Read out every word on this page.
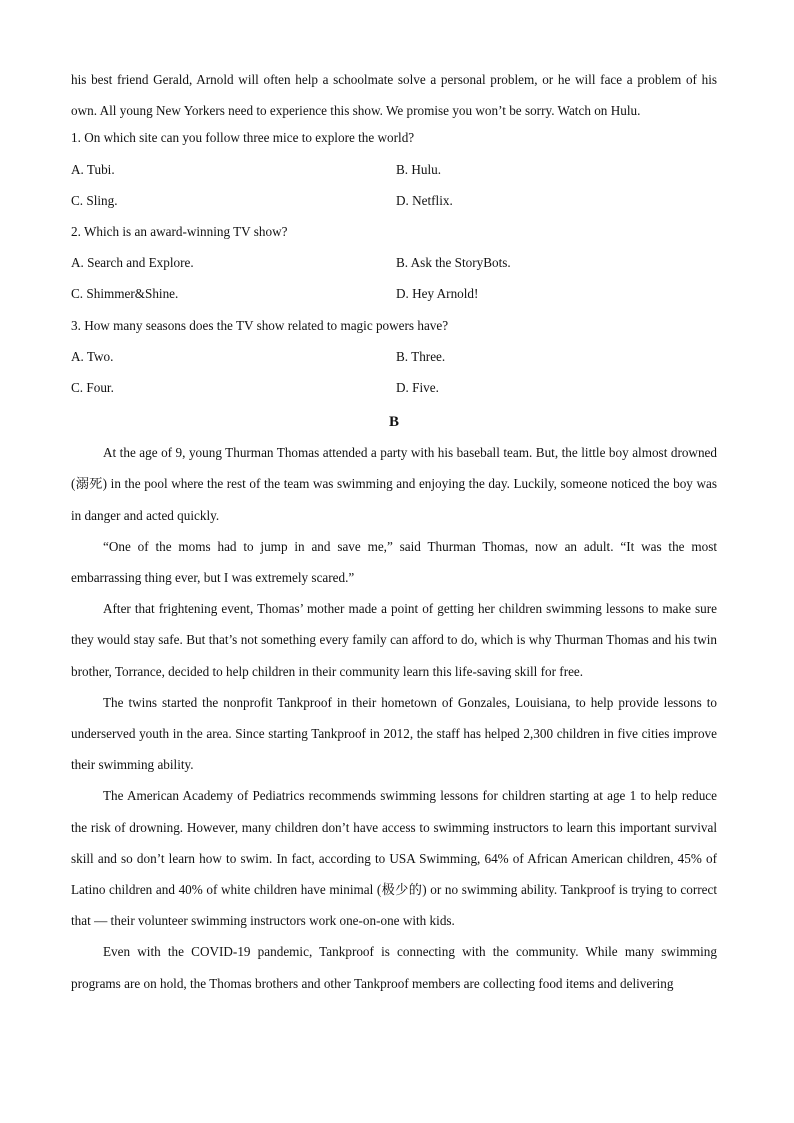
his best friend Gerald, Arnold will often help a schoolmate solve a personal problem, or he will face a problem of his own. All young New Yorkers need to experience this show. We promise you won’t be sorry. Watch on Hulu.

1. On which site can you follow three mice to explore the world?
A. Tubi.	B. Hulu.
C. Sling.	D. Netflix.
2. Which is an award-winning TV show?
A. Search and Explore.	B. Ask the StoryBots.
C. Shimmer&Shine.	D. Hey Arnold!
3. How many seasons does the TV show related to magic powers have?
A. Two.	B. Three.
C. Four.	D. Five.
B

At the age of 9, young Thurman Thomas attended a party with his baseball team. But, the little boy almost drowned (溺死) in the pool where the rest of the team was swimming and enjoying the day. Luckily, someone noticed the boy was in danger and acted quickly.

“One of the moms had to jump in and save me,” said Thurman Thomas, now an adult. “It was the most embarrassing thing ever, but I was extremely scared.”

After that frightening event, Thomas’ mother made a point of getting her children swimming lessons to make sure they would stay safe. But that’s not something every family can afford to do, which is why Thurman Thomas and his twin brother, Torrance, decided to help children in their community learn this life-saving skill for free.

The twins started the nonprofit Tankproof in their hometown of Gonzales, Louisiana, to help provide lessons to underserved youth in the area. Since starting Tankproof in 2012, the staff has helped 2,300 children in five cities improve their swimming ability.

The American Academy of Pediatrics recommends swimming lessons for children starting at age 1 to help reduce the risk of drowning. However, many children don’t have access to swimming instructors to learn this important survival skill and so don’t learn how to swim. In fact, according to USA Swimming, 64% of African American children, 45% of Latino children and 40% of white children have minimal (极少的) or no swimming ability. Tankproof is trying to correct that — their volunteer swimming instructors work one-on-one with kids.

Even with the COVID-19 pandemic, Tankproof is connecting with the community. While many swimming programs are on hold, the Thomas brothers and other Tankproof members are collecting food items and delivering
